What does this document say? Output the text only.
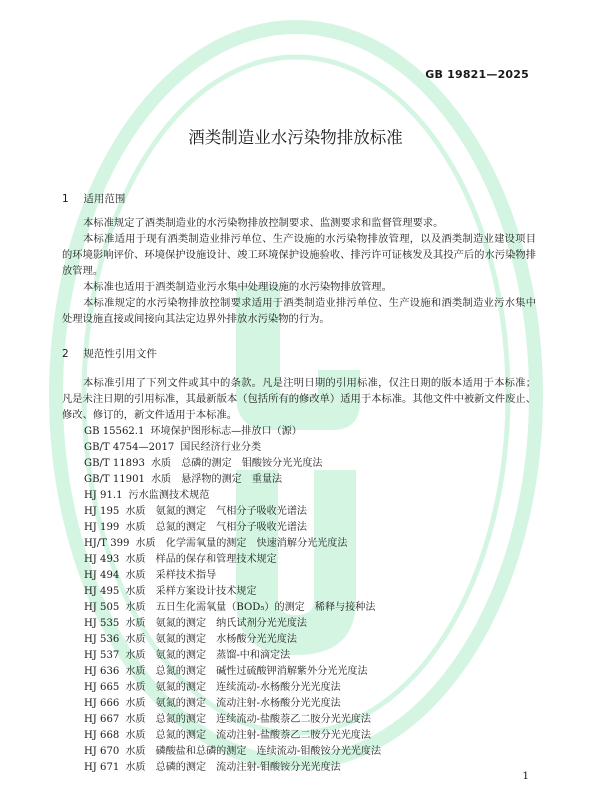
GB 19821—2025
酒类制造业水污染物排放标准
1 适用范围

本标准规定了酒类制造业的水污染物排放控制要求、监测要求和监督管理要求。

本标准适用于现有酒类制造业排污单位、生产设施的水污染物排放管理，以及酒类制造业建设项目的环境影响评价、环境保护设施设计、竣工环境保护设施验收、排污许可证核发及其投产后的水污染物排放管理。

本标准也适用于酒类制造业污水集中处理设施的水污染物排放管理。

本标准规定的水污染物排放控制要求适用于酒类制造业排污单位、生产设施和酒类制造业污水集中处理设施直接或间接向其法定边界外排放水污染物的行为。

2 规范性引用文件

本标准引用了下列文件或其中的条款。凡是注明日期的引用标准，仅注日期的版本适用于本标准；凡是未注日期的引用标准，其最新版本（包括所有的修改单）适用于本标准。其他文件中被新文件废止、修改、修订的，新文件适用于本标准。

GB 15562.1 环境保护图形标志—排放口（源）
GB/T 4754—2017 国民经济行业分类
GB/T 11893 水质　总磷的测定　钼酸铵分光光度法
GB/T 11901 水质　悬浮物的测定　重量法
HJ 91.1 污水监测技术规范
HJ 195 水质　氨氮的测定　气相分子吸收光谱法
HJ 199 水质　总氮的测定　气相分子吸收光谱法
HJ/T 399 水质　化学需氧量的测定　快速消解分光光度法
HJ 493 水质　样品的保存和管理技术规定
HJ 494 水质　采样技术指导
HJ 495 水质　采样方案设计技术规定
HJ 505 水质　五日生化需氧量（BOD₅）的测定　稀释与接种法
HJ 535 水质　氨氮的测定　纳氏试剂分光光度法
HJ 536 水质　氨氮的测定　水杨酸分光光度法
HJ 537 水质　氨氮的测定　蒸馏-中和滴定法
HJ 636 水质　总氮的测定　碱性过硫酸钾消解紫外分光光度法
HJ 665 水质　氨氮的测定　连续流动-水杨酸分光光度法
HJ 666 水质　氨氮的测定　流动注射-水杨酸分光光度法
HJ 667 水质　总氮的测定　连续流动-盐酸萘乙二胺分光光度法
HJ 668 水质　总氮的测定　流动注射-盐酸萘乙二胺分光光度法
HJ 670 水质　磷酸盐和总磷的测定　连续流动-钼酸铵分光光度法
HJ 671 水质　总磷的测定　流动注射-钼酸铵分光光度法
1
